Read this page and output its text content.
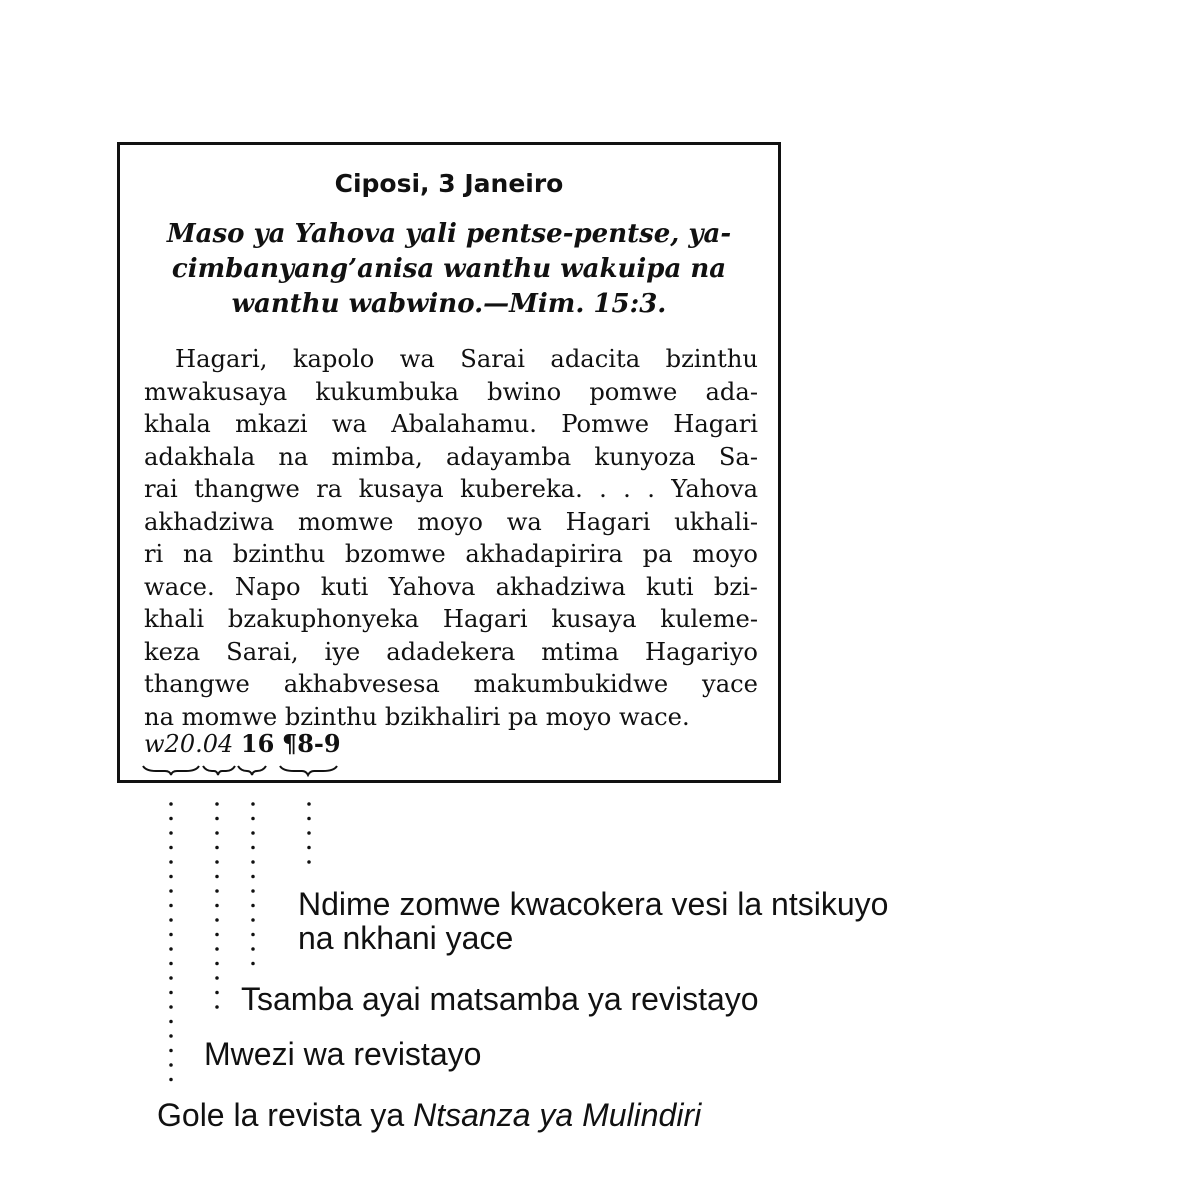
Ciposi, 3 Janeiro
Maso ya Yahova yali pentse-pentse, ya-
cimbanyang’anisa wanthu wakuipa na
wanthu wabwino.—Mim. 15:3.
Hagari, kapolo wa Sarai adacita bzinthu
mwakusaya kukumbuka bwino pomwe ada-
khala mkazi wa Abalahamu. Pomwe Hagari
adakhala na mimba, adayamba kunyoza Sa-
rai thangwe ra kusaya kubereka. . . . Yahova
akhadziwa momwe moyo wa Hagari ukhali-
ri na bzinthu bzomwe akhadapirira pa moyo
wace. Napo kuti Yahova akhadziwa kuti bzi-
khali bzakuphonyeka Hagari kusaya kuleme-
keza Sarai, iye adadekera mtima Hagariyo
thangwe akhabvesesa makumbukidwe yace
na momwe bzinthu bzikhaliri pa moyo wace.
w20.04 16 ¶8-9
Ndime zomwe kwacokera vesi la ntsikuyo
na nkhani yace
Tsamba ayai matsamba ya revistayo
Mwezi wa revistayo
Gole la revista ya Ntsanza ya Mulindiri
